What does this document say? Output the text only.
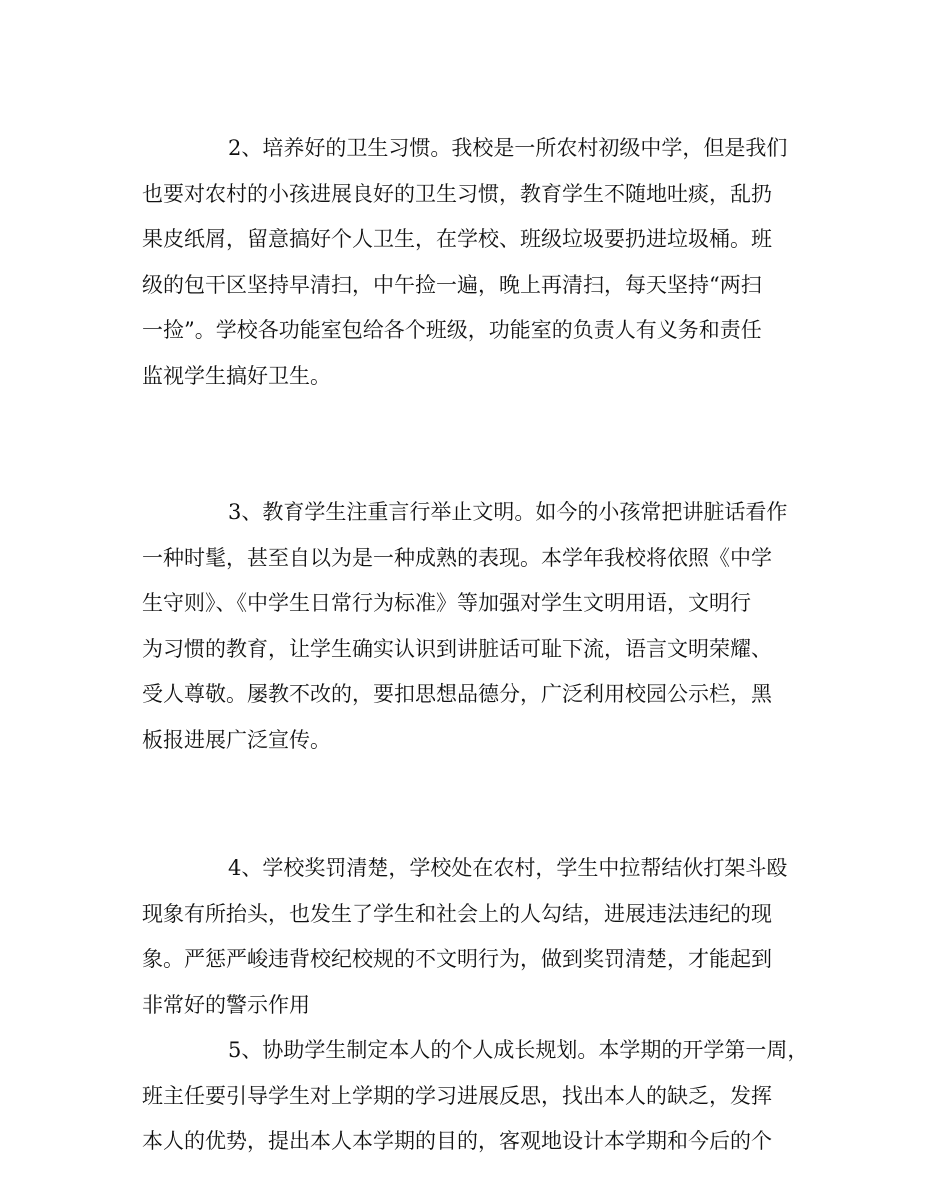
2、培养好的卫生习惯。我校是一所农村初级中学，但是我们
也要对农村的小孩进展良好的卫生习惯，教育学生不随地吐痰，乱扔
果皮纸屑，留意搞好个人卫生，在学校、班级垃圾要扔进垃圾桶。班
级的包干区坚持早清扫，中午捡一遍，晚上再清扫，每天坚持“两扫
一捡”。学校各功能室包给各个班级，功能室的负责人有义务和责任
监视学生搞好卫生。

3、教育学生注重言行举止文明。如今的小孩常把讲脏话看作
一种时髦，甚至自以为是一种成熟的表现。本学年我校将依照《中学
生守则》、《中学生日常行为标准》等加强对学生文明用语，文明行
为习惯的教育，让学生确实认识到讲脏话可耻下流，语言文明荣耀、
受人尊敬。屡教不改的，要扣思想品德分，广泛利用校园公示栏，黑
板报进展广泛宣传。

4、学校奖罚清楚，学校处在农村，学生中拉帮结伙打架斗殴
现象有所抬头，也发生了学生和社会上的人勾结，进展违法违纪的现
象。严惩严峻违背校纪校规的不文明行为，做到奖罚清楚，才能起到
非常好的警示作用

5、协助学生制定本人的个人成长规划。本学期的开学第一周，
班主任要引导学生对上学期的学习进展反思，找出本人的缺乏，发挥
本人的优势，提出本人本学期的目的，客观地设计本学期和今后的个
